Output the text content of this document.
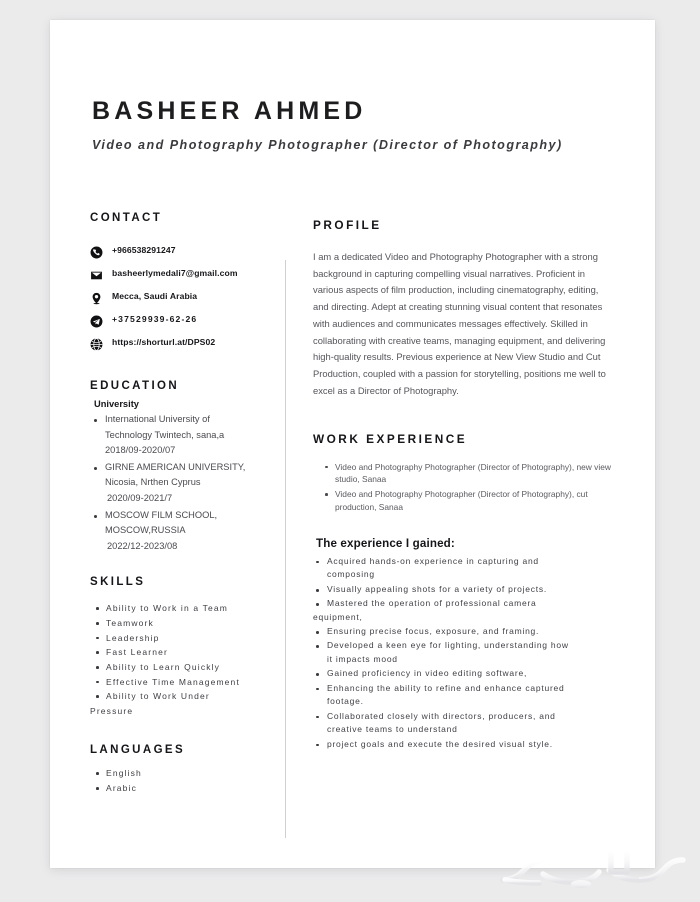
BASHEER AHMED
Video and Photography Photographer (Director of Photography)
CONTACT
+966538291247
basheerlymedali7@gmail.com
Mecca, Saudi Arabia
+37529939-62-26
https://shorturl.at/DPS02
EDUCATION
University
International University of
Technology Twintech, sana,a
2018/09-2020/07
GIRNE AMERICAN UNIVERSITY,
Nicosia, Nrthen Cyprus
2020/09-2021/7
MOSCOW FILM SCHOOL,
MOSCOW,RUSSIA
2022/12-2023/08
SKILLS
Ability to Work in a Team
Teamwork
Leadership
Fast Learner
Ability to Learn Quickly
Effective Time Management
Ability to Work Under
Pressure
LANGUAGES
English
Arabic
PROFILE

I am a dedicated Video and Photography Photographer with a strong background in capturing compelling visual narratives. Proficient in various aspects of film production, including cinematography, editing, and directing. Adept at creating stunning visual content that resonates with audiences and communicates messages effectively. Skilled in collaborating with creative teams, managing equipment, and delivering high-quality results. Previous experience at New View Studio and Cut Production, coupled with a passion for storytelling, positions me well to excel as a Director of Photography.

WORK EXPERIENCE
Video and Photography Photographer (Director of Photography), new view studio, Sanaa
Video and Photography Photographer (Director of Photography), cut production, Sanaa
The experience I gained:
Acquired hands-on experience in capturing and
composing
Visually appealing shots for a variety of projects.
Mastered the operation of professional camera
equipment,
Ensuring precise focus, exposure, and framing.
Developed a keen eye for lighting, understanding how
it impacts mood
Gained proficiency in video editing software,
Enhancing the ability to refine and enhance captured
footage.
Collaborated closely with directors, producers, and
creative teams to understand
project goals and execute the desired visual style.
